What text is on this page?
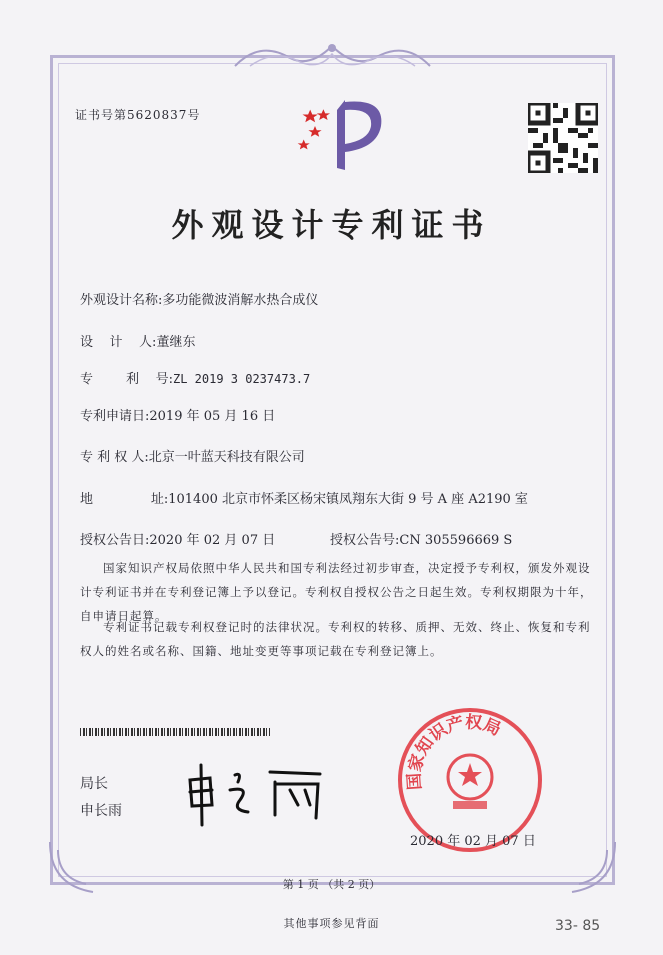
证书号第5620837号
外观设计专利证书
外观设计名称:多功能微波消解水热合成仪
设    计    人:董继东
专        利    号:ZL 2019 3 0237473.7
专利申请日:2019 年 05 月 16 日
专 利 权 人:北京一叶蓝天科技有限公司
地              址:101400 北京市怀柔区杨宋镇凤翔东大街 9 号 A 座 A2190 室
授权公告日:2020 年 02 月 07 日	授权公告号:CN 305596669 S
国家知识产权局依照中华人民共和国专利法经过初步审查，决定授予专利权，颁发外观设计专利证书并在专利登记簿上予以登记。专利权自授权公告之日起生效。专利权期限为十年，自申请日起算。
专利证书记载专利权登记时的法律状况。专利权的转移、质押、无效、终止、恢复和专利权人的姓名或名称、国籍、地址变更等事项记载在专利登记簿上。
局长
申长雨
国家知识产权局
2020 年 02 月 07 日
第 1 页 （共 2 页）
其他事项参见背面	33- 85
